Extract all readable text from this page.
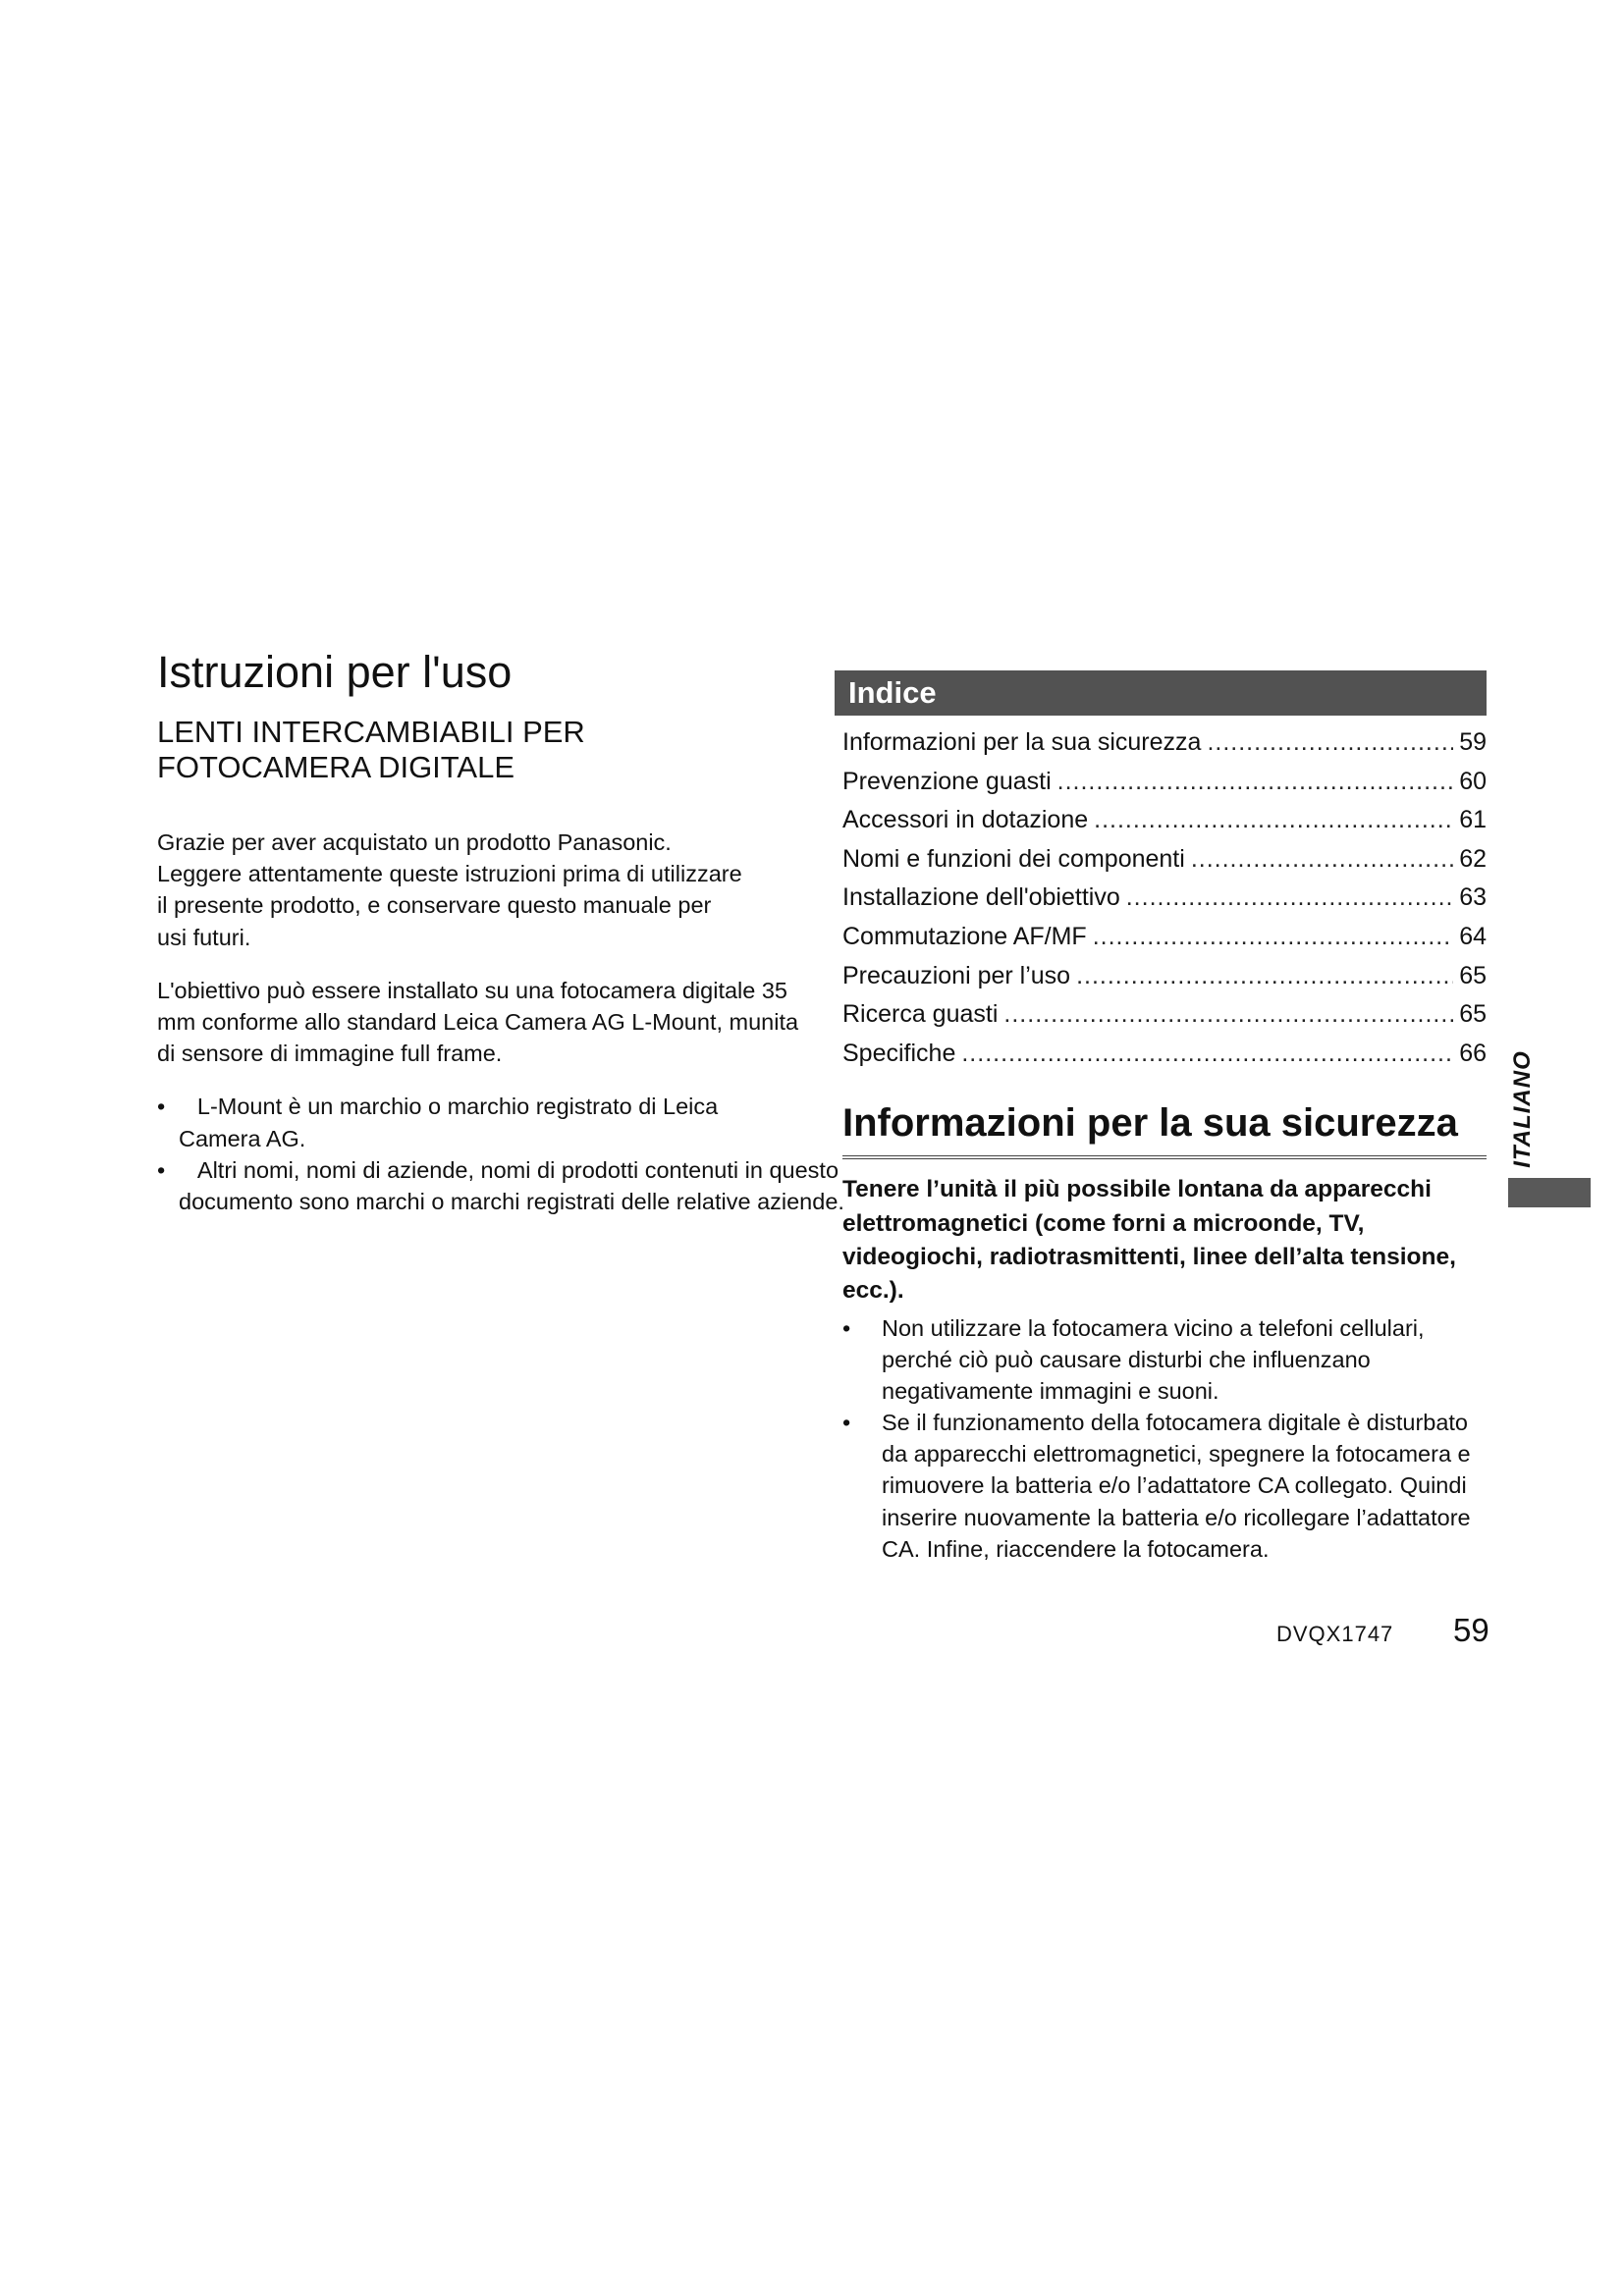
Istruzioni per l'uso
LENTI INTERCAMBIABILI PER FOTOCAMERA DIGITALE

Grazie per aver acquistato un prodotto Panasonic. Leggere attentamente queste istruzioni prima di utilizzare il presente prodotto, e conservare questo manuale per usi futuri.

L'obiettivo può essere installato su una fotocamera digitale 35 mm conforme allo standard Leica Camera AG L-Mount, munita di sensore di immagine full frame.

• L-Mount è un marchio o marchio registrato di Leica Camera AG.
• Altri nomi, nomi di aziende, nomi di prodotti contenuti in questo documento sono marchi o marchi registrati delle relative aziende.
Indice
Informazioni per la sua sicurezza .....	59
Prevenzione guasti .....	60
Accessori in dotazione .....	61
Nomi e funzioni dei componenti .....	62
Installazione dell'obiettivo .....	63
Commutazione AF/MF .....	64
Precauzioni per l’uso .....	65
Ricerca guasti .....	65
Specifiche .....	66
Informazioni per la sua sicurezza
Tenere l’unità il più possibile lontana da apparecchi elettromagnetici (come forni a microonde, TV, videogiochi, radiotrasmittenti, linee dell’alta tensione, ecc.).
•	Non utilizzare la fotocamera vicino a telefoni cellulari, perché ciò può causare disturbi che influenzano negativamente immagini e suoni.
•	Se il funzionamento della fotocamera digitale è disturbato da apparecchi elettromagnetici, spegnere la fotocamera e rimuovere la batteria e/o l’adattatore CA collegato. Quindi inserire nuovamente la batteria e/o ricollegare l’adattatore CA. Infine, riaccendere la fotocamera.
ITALIANO
DVQX1747 59
